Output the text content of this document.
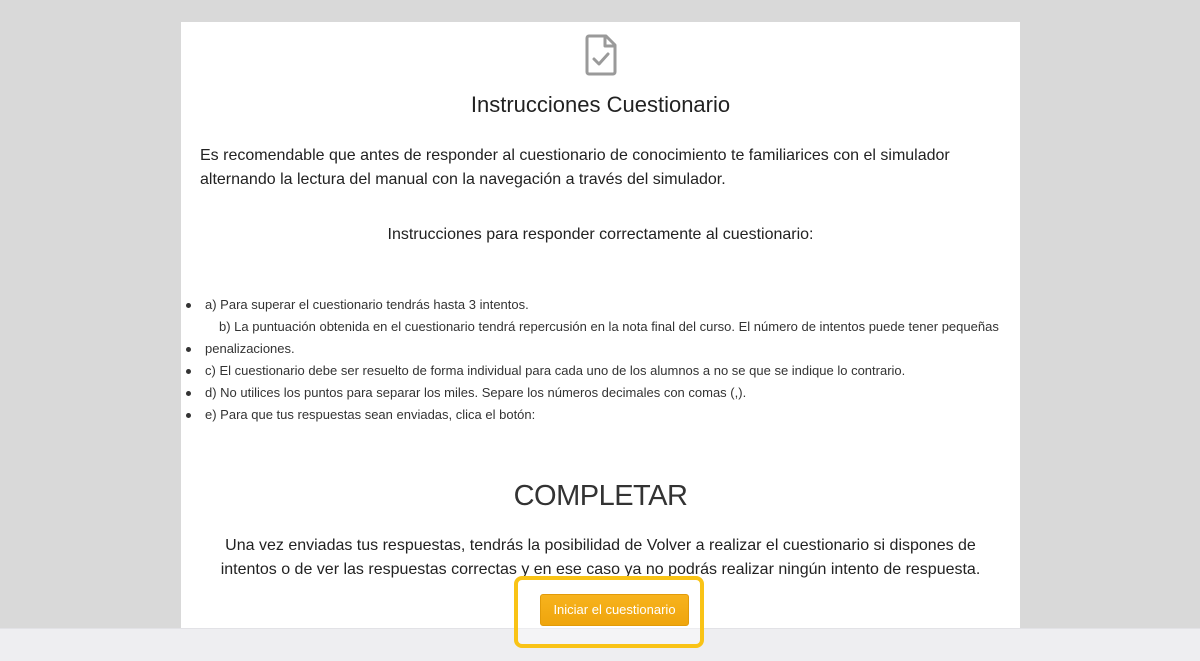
Instrucciones Cuestionario
Es recomendable que antes de responder al cuestionario de conocimiento te familiarices con el simulador
alternando la lectura del manual con la navegación a través del simulador.
Instrucciones para responder correctamente al cuestionario:
a) Para superar el cuestionario tendrás hasta 3 intentos.
b) La puntuación obtenida en el cuestionario tendrá repercusión en la nota final del curso. El número de intentos puede tener pequeñas
penalizaciones.
c) El cuestionario debe ser resuelto de forma individual para cada uno de los alumnos a no se que se indique lo contrario.
d) No utilices los puntos para separar los miles. Separe los números decimales con comas (,).
e) Para que tus respuestas sean enviadas, clica el botón:
COMPLETAR
Una vez enviadas tus respuestas, tendrás la posibilidad de Volver a realizar el cuestionario si dispones de
intentos o de ver las respuestas correctas y en ese caso ya no podrás realizar ningún intento de respuesta.
Iniciar el cuestionario
